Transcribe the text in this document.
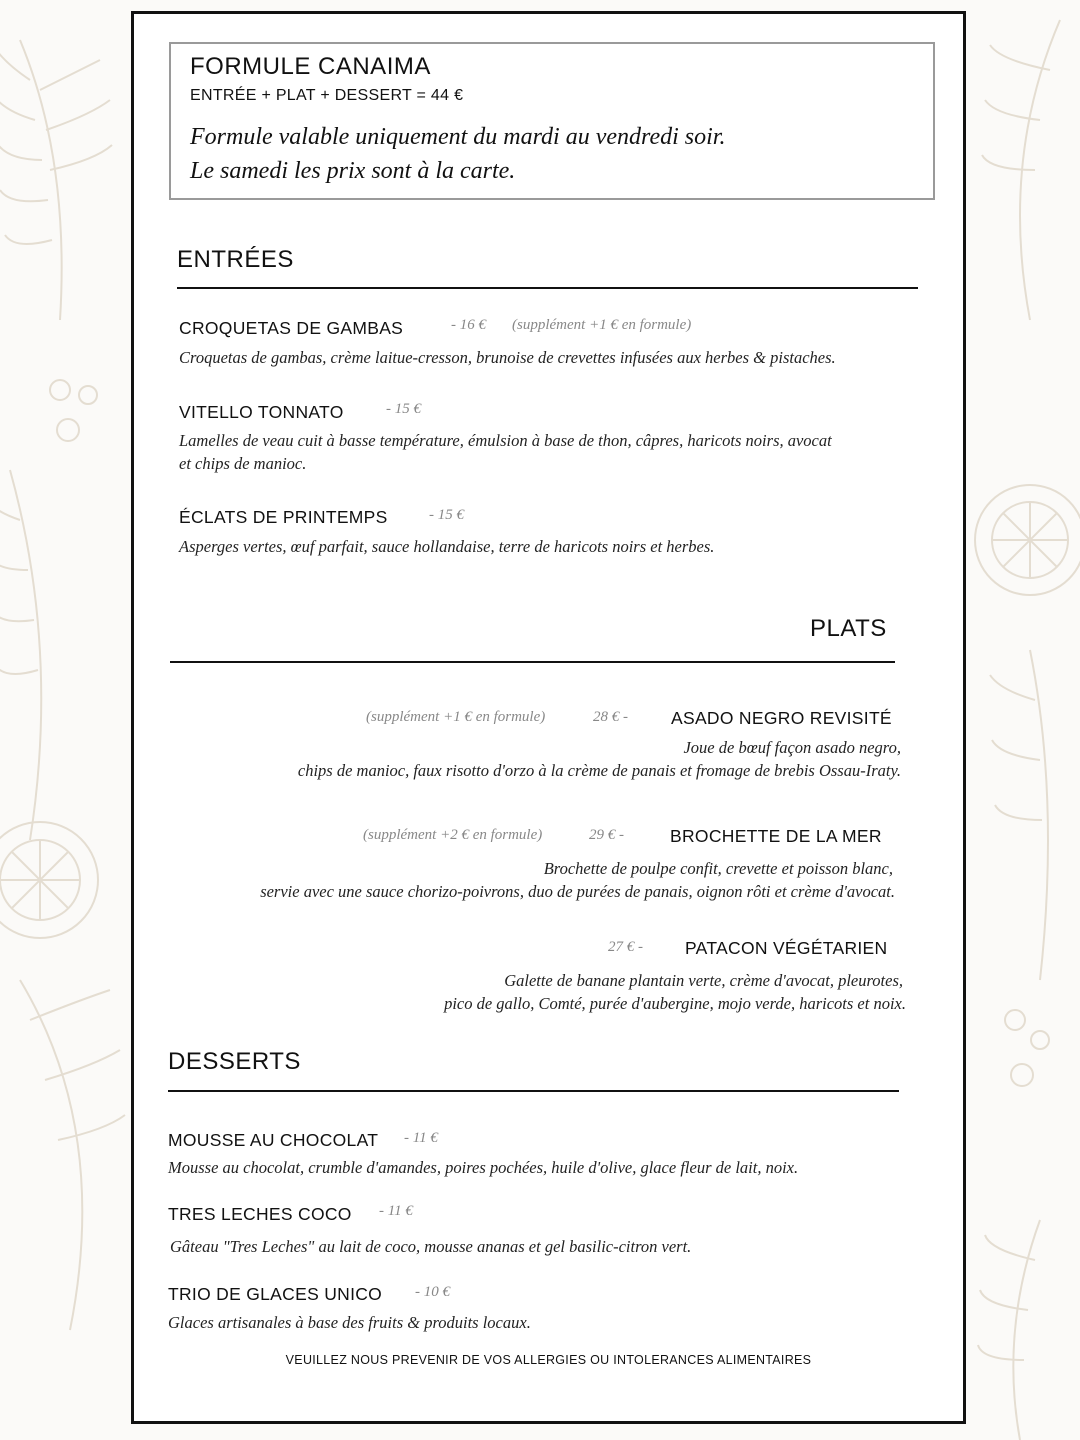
FORMULE CANAIMA
ENTRÉE + PLAT + DESSERT = 44 €
Formule valable uniquement du mardi au vendredi soir.
Le samedi les prix sont à la carte.
ENTRÉES
CROQUETAS DE GAMBAS	- 16 € (supplément +1 € en formule)
Croquetas de gambas, crème laitue-cresson, brunoise de crevettes infusées aux herbes & pistaches.
VITELLO TONNATO	- 15 €
Lamelles de veau cuit à basse température, émulsion à base de thon, câpres, haricots noirs, avocat
et chips de manioc.
ÉCLATS DE PRINTEMPS	- 15 €
Asperges vertes, œuf parfait, sauce hollandaise, terre de haricots noirs et herbes.
PLATS
(supplément +1 € en formule)	28 € - ASADO NEGRO REVISITÉ
Joue de bœuf façon asado negro,
chips de manioc, faux risotto d'orzo à la crème de panais et fromage de brebis Ossau-Iraty.
(supplément +2 € en formule)	29 € -	BROCHETTE DE LA MER
Brochette de poulpe confit, crevette et poisson blanc,
servie avec une sauce chorizo-poivrons, duo de purées de panais, oignon rôti et crème d'avocat.
27 € - PATACON VÉGÉTARIEN
Galette de banane plantain verte, crème d'avocat, pleurotes,
pico de gallo, Comté, purée d'aubergine, mojo verde, haricots et noix.
DESSERTS
MOUSSE AU CHOCOLAT - 11 €
Mousse au chocolat, crumble d'amandes, poires pochées, huile d'olive, glace fleur de lait, noix.
TRES LECHES COCO - 11 €
Gâteau "Tres Leches" au lait de coco, mousse ananas et gel basilic-citron vert.
TRIO DE GLACES UNICO - 10 €
Glaces artisanales à base des fruits & produits locaux.
VEUILLEZ NOUS PREVENIR DE VOS ALLERGIES OU INTOLERANCES ALIMENTAIRES
